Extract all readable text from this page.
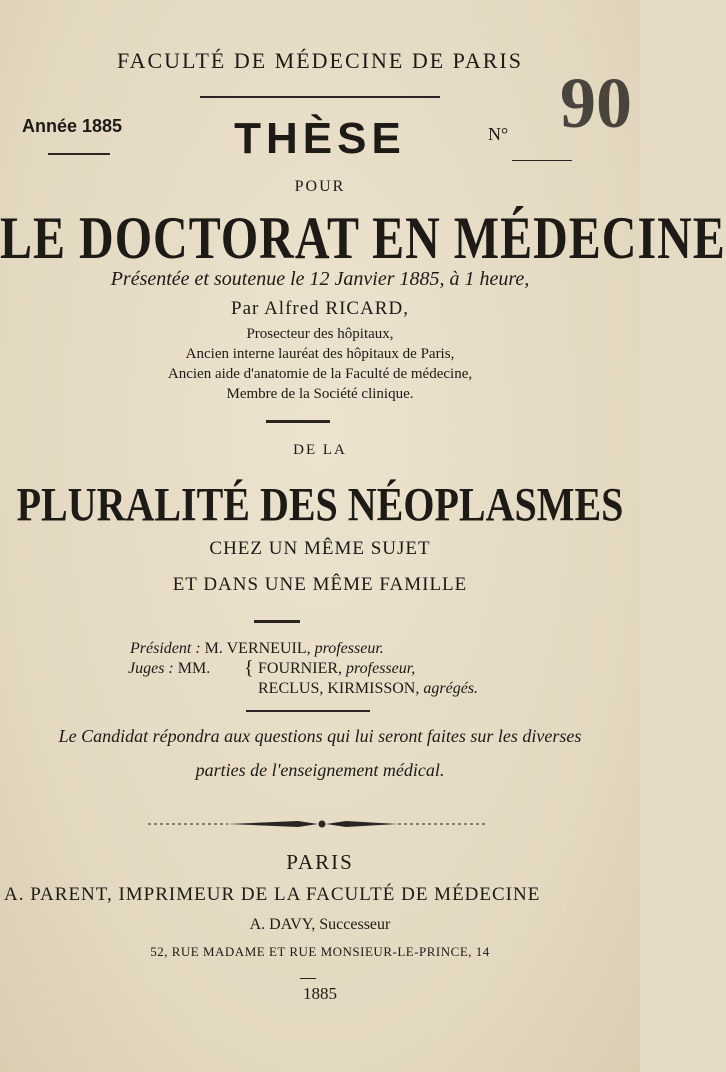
FACULTÉ DE MÉDECINE DE PARIS
Année 1885	THÈSE	N° 90
POUR
LE DOCTORAT EN MÉDECINE
Présentée et soutenue le 12 Janvier 1885, à 1 heure,
Par Alfred RICARD,
Prosecteur des hôpitaux,
Ancien interne lauréat des hôpitaux de Paris,
Ancien aide d'anatomie de la Faculté de médecine,
Membre de la Société clinique.
DE LA
PLURALITÉ DES NÉOPLASMES
CHEZ UN MÊME SUJET
ET DANS UNE MÊME FAMILLE
Président : M. VERNEUIL, professeur.
Juges : MM. { FOURNIER, professeur,
RECLUS, KIRMISSON, agrégés.
Le Candidat répondra aux questions qui lui seront faites sur les diverses
parties de l'enseignement médical.
PARIS
A. PARENT, IMPRIMEUR DE LA FACULTÉ DE MÉDECINE
A. DAVY, Successeur
52, RUE MADAME ET RUE MONSIEUR-LE-PRINCE, 14
1885
